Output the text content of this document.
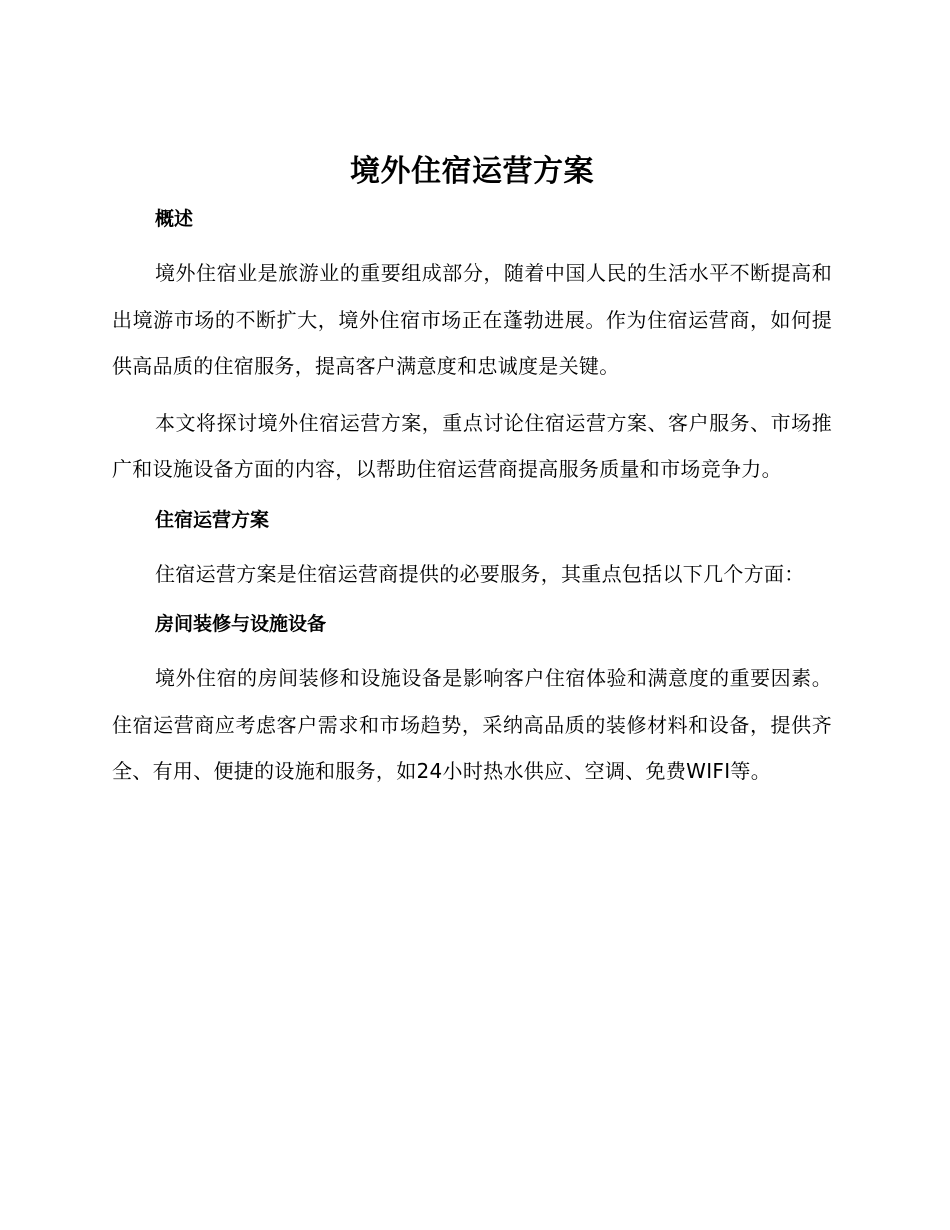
境外住宿运营方案
概述

境外住宿业是旅游业的重要组成部分，随着中国人民的生活水平不断提高和出境游市场的不断扩大，境外住宿市场正在蓬勃进展。作为住宿运营商，如何提供高品质的住宿服务，提高客户满意度和忠诚度是关键。

本文将探讨境外住宿运营方案，重点讨论住宿运营方案、客户服务、市场推广和设施设备方面的内容，以帮助住宿运营商提高服务质量和市场竞争力。

住宿运营方案

住宿运营方案是住宿运营商提供的必要服务，其重点包括以下几个方面：

房间装修与设施设备

境外住宿的房间装修和设施设备是影响客户住宿体验和满意度的重要因素。住宿运营商应考虑客户需求和市场趋势，采纳高品质的装修材料和设备，提供齐全、有用、便捷的设施和服务，如24小时热水供应、空调、免费WIFI等。
